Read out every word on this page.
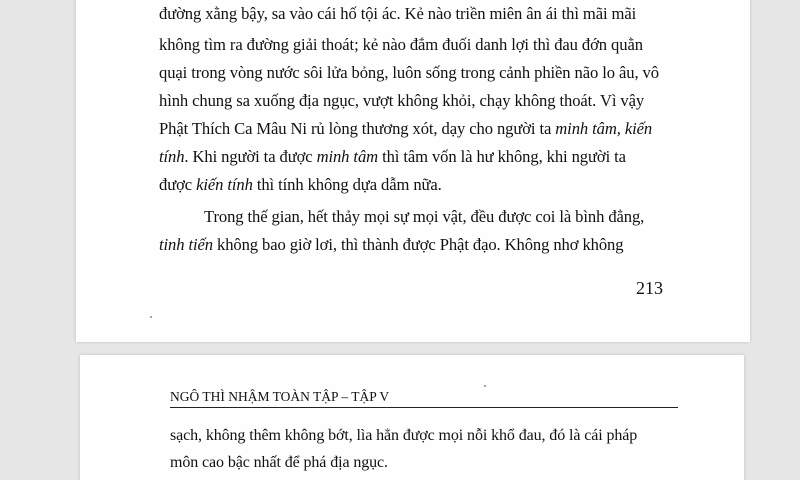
đường xằng bậy, sa vào cái hố tội ác. Kẻ nào triền miên ân ái thì mãi mãi
không tìm ra đường giải thoát; kẻ nào đắm đuối danh lợi thì đau đớn quằn
quại trong vòng nước sôi lửa bỏng, luôn sống trong cảnh phiền não lo âu, vô
hình chung sa xuống địa ngục, vượt không khỏi, chạy không thoát. Vì vậy
Phật Thích Ca Mâu Ni rủ lòng thương xót, dạy cho người ta minh tâm, kiến
tính. Khi người ta được minh tâm thì tâm vốn là hư không, khi người ta
được kiến tính thì tính không dựa dẫm nữa.
Trong thế gian, hết thảy mọi sự mọi vật, đều được coi là bình đẳng,
tinh tiến không bao giờ lơi, thì thành được Phật đạo. Không nhơ không
213
NGÔ THÌ NHẬM TOÀN TẬP – TẬP V
sạch, không thêm không bớt, lìa hẳn được mọi nỗi khổ đau, đó là cái pháp
môn cao bậc nhất để phá địa ngục.
